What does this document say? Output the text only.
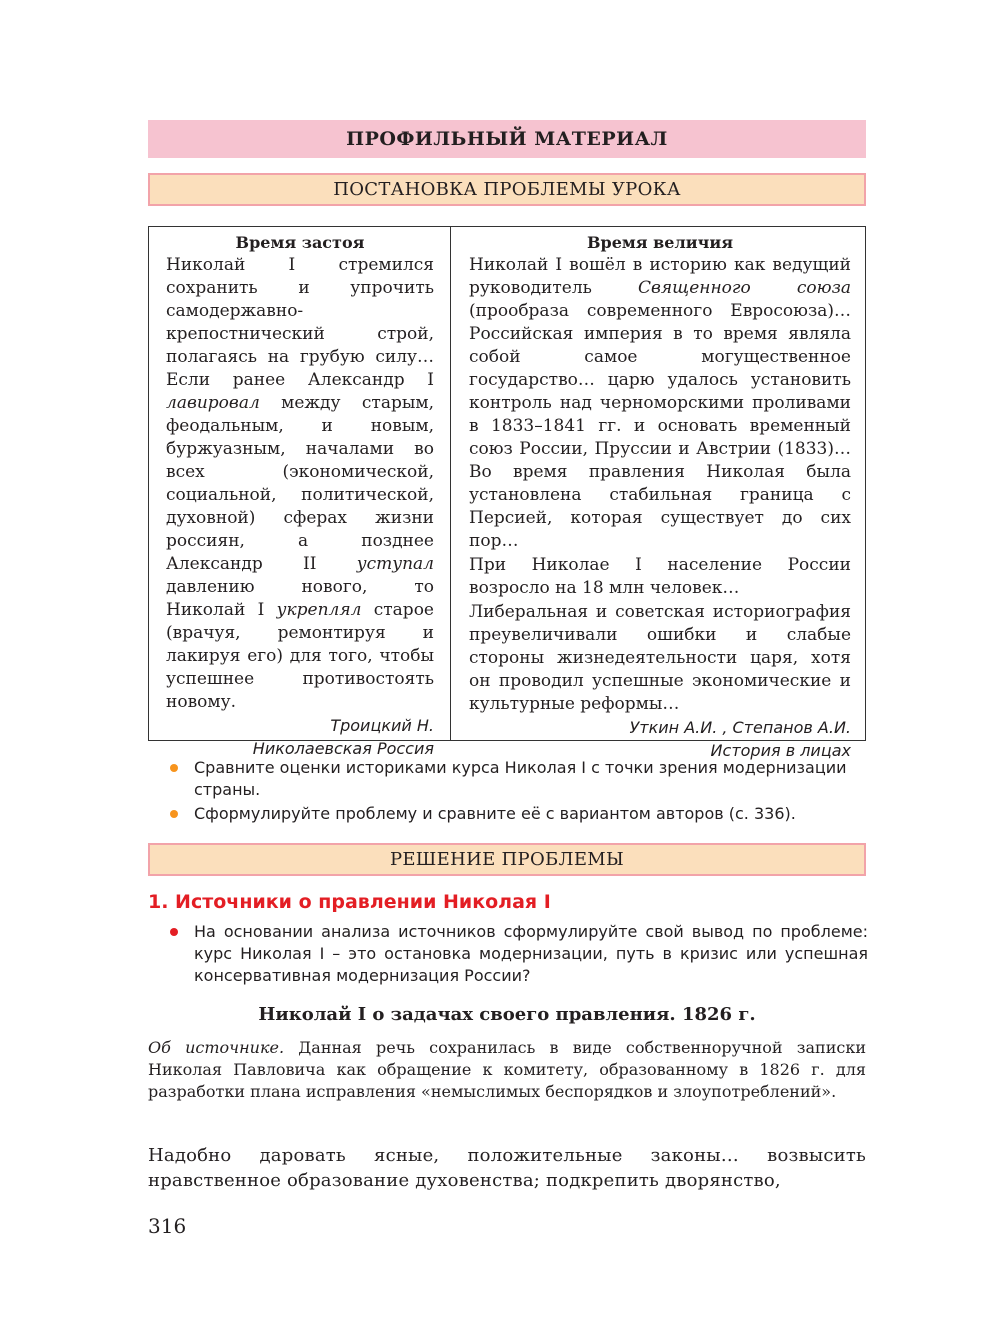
ПРОФИЛЬНЫЙ МАТЕРИАЛ
ПОСТАНОВКА ПРОБЛЕМЫ УРОКА
Время застоя
Николай I стремился сохранить и упрочить самодержавно-крепостнический строй, полагаясь на грубую силу… Если ранее Александр I лавировал между старым, феодальным, и новым, буржуазным, началами во всех (экономической, социальной, политической, духовной) сферах жизни россиян, а позднее Александр II уступал давлению нового, то Николай I укреплял старое (врачуя, ремонтируя и лакируя его) для того, чтобы успешнее противостоять новому.
Троицкий Н.
Николаевская Россия
Время величия
Николай I вошёл в историю как ведущий руководитель Священного союза (прообраза современного Евросоюза)… Российская империя в то время являла собой самое могущественное государство… царю удалось установить контроль над черноморскими проливами в 1833–1841 гг. и основать временный союз России, Пруссии и Австрии (1833)… Во время правления Николая была установлена стабильная граница с Персией, которая существует до сих пор…
При Николае I население России возросло на 18 млн человек…
Либеральная и советская историография преувеличивали ошибки и слабые стороны жизнедеятельности царя, хотя он проводил успешные экономические и культурные реформы…
Уткин А.И. , Степанов А.И.
История в лицах
Сравните оценки историками курса Николая I с точки зрения модернизации страны.
Сформулируйте проблему и сравните её с вариантом авторов (с. 336).
РЕШЕНИЕ ПРОБЛЕМЫ
1. Источники о правлении Николая I
На основании анализа источников сформулируйте свой вывод по проблеме: курс Николая I – это остановка модернизации, путь в кризис или успешная консервативная модернизация России?
Николай I о задачах своего правления. 1826 г.
Об источнике. Данная речь сохранилась в виде собственноручной записки Николая Павловича как обращение к комитету, образованному в 1826 г. для разработки плана исправления «немыслимых беспорядков и злоупотреблений».
Надобно даровать ясные, положительные законы… возвысить нравственное образование духовенства; подкрепить дворянство,
316
